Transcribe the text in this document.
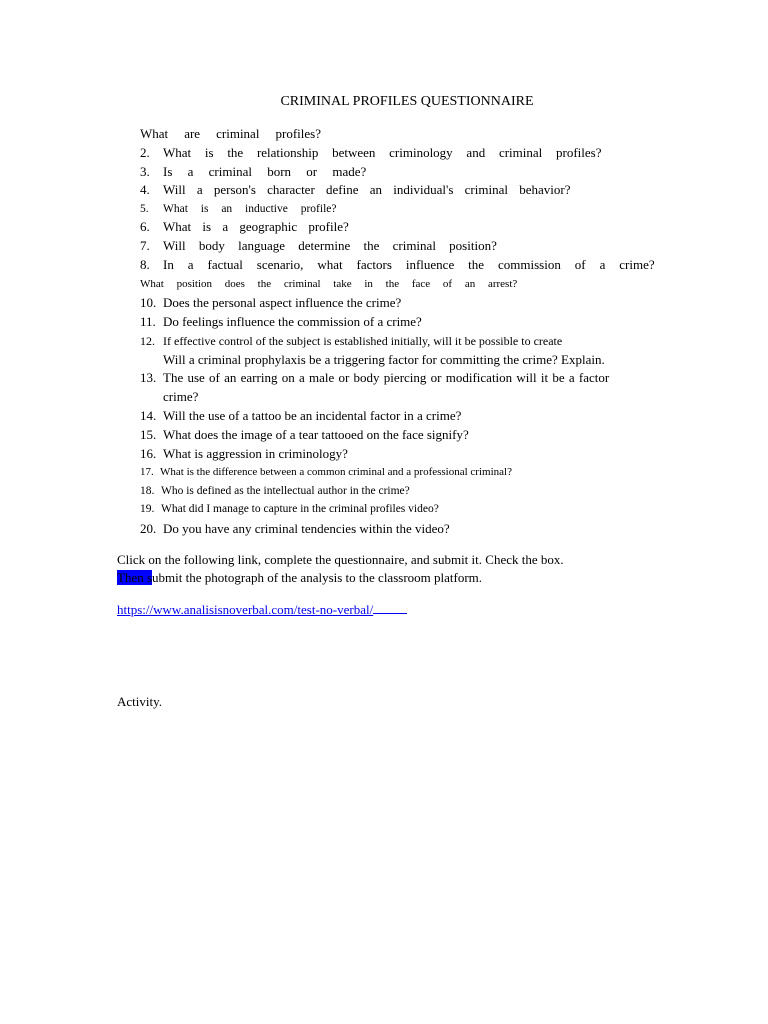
CRIMINAL PROFILES QUESTIONNAIRE
What are criminal profiles?
2. What is the relationship between criminology and criminal profiles?
3. Is a criminal born or made?
4. Will a person's character define an individual's criminal behavior?
5. What is an inductive profile?
6. What is a geographic profile?
7. Will body language determine the criminal position?
8. In a factual scenario, what factors influence the commission of a crime?
What position does the criminal take in the face of an arrest?
10. Does the personal aspect influence the crime?
11. Do feelings influence the commission of a crime?
12. If effective control of the subject is established initially, will it be possible to create
Will a criminal prophylaxis be a triggering factor for committing the crime? Explain.
13. The use of an earring on a male or body piercing or modification will it be a factor
crime?
14. Will the use of a tattoo be an incidental factor in a crime?
15. What does the image of a tear tattooed on the face signify?
16. What is aggression in criminology?
17. What is the difference between a common criminal and a professional criminal?
18. Who is defined as the intellectual author in the crime?
19. What did I manage to capture in the criminal profiles video?
20. Do you have any criminal tendencies within the video?
Click on the following link, complete the questionnaire, and submit it. Check the box.
Then submit the photograph of the analysis to the classroom platform.
https://www.analisisnoverbal.com/test-no-verbal/
Activity.
